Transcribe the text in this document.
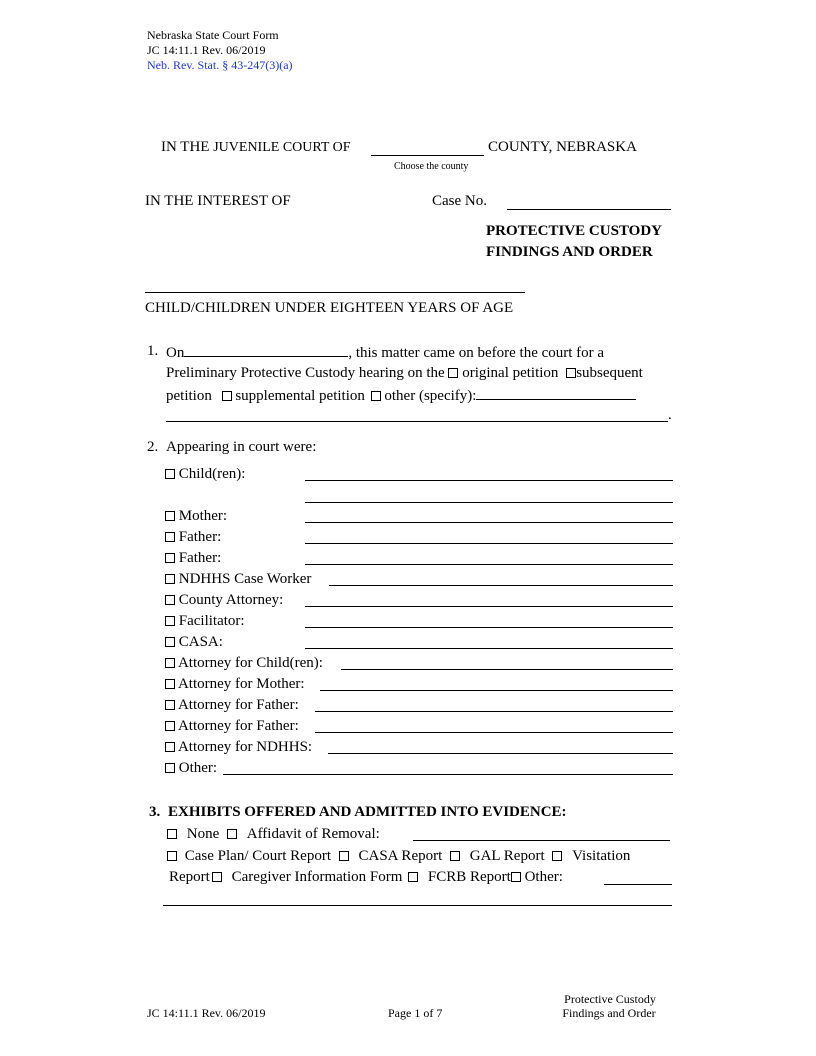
Nebraska State Court Form
JC 14:11.1 Rev. 06/2019
Neb. Rev. Stat. § 43-247(3)(a)
IN THE JUVENILE COURT OF	COUNTY, NEBRASKA
Choose the county
IN THE INTEREST OF	Case No.
PROTECTIVE CUSTODY
FINDINGS AND ORDER
CHILD/CHILDREN UNDER EIGHTEEN YEARS OF AGE
1. On	, this matter came on before the court for a
Preliminary Protective Custody hearing on the original petition subsequent
petition supplemental petition other (specify):
.
2. Appearing in court were:
Child(ren):
Mother:
Father:
Father:
NDHHS Case Worker
County Attorney:
Facilitator:
CASA:
Attorney for Child(ren):
Attorney for Mother:
Attorney for Father:
Attorney for Father:
Attorney for NDHHS:
Other:
3. EXHIBITS OFFERED AND ADMITTED INTO EVIDENCE:
None Affidavit of Removal:
Case Plan/ Court Report CASA Report GAL Report Visitation
Report Caregiver Information Form FCRB Report Other:
JC 14:11.1 Rev. 06/2019	Page 1 of 7
Protective Custody
Findings and Order
